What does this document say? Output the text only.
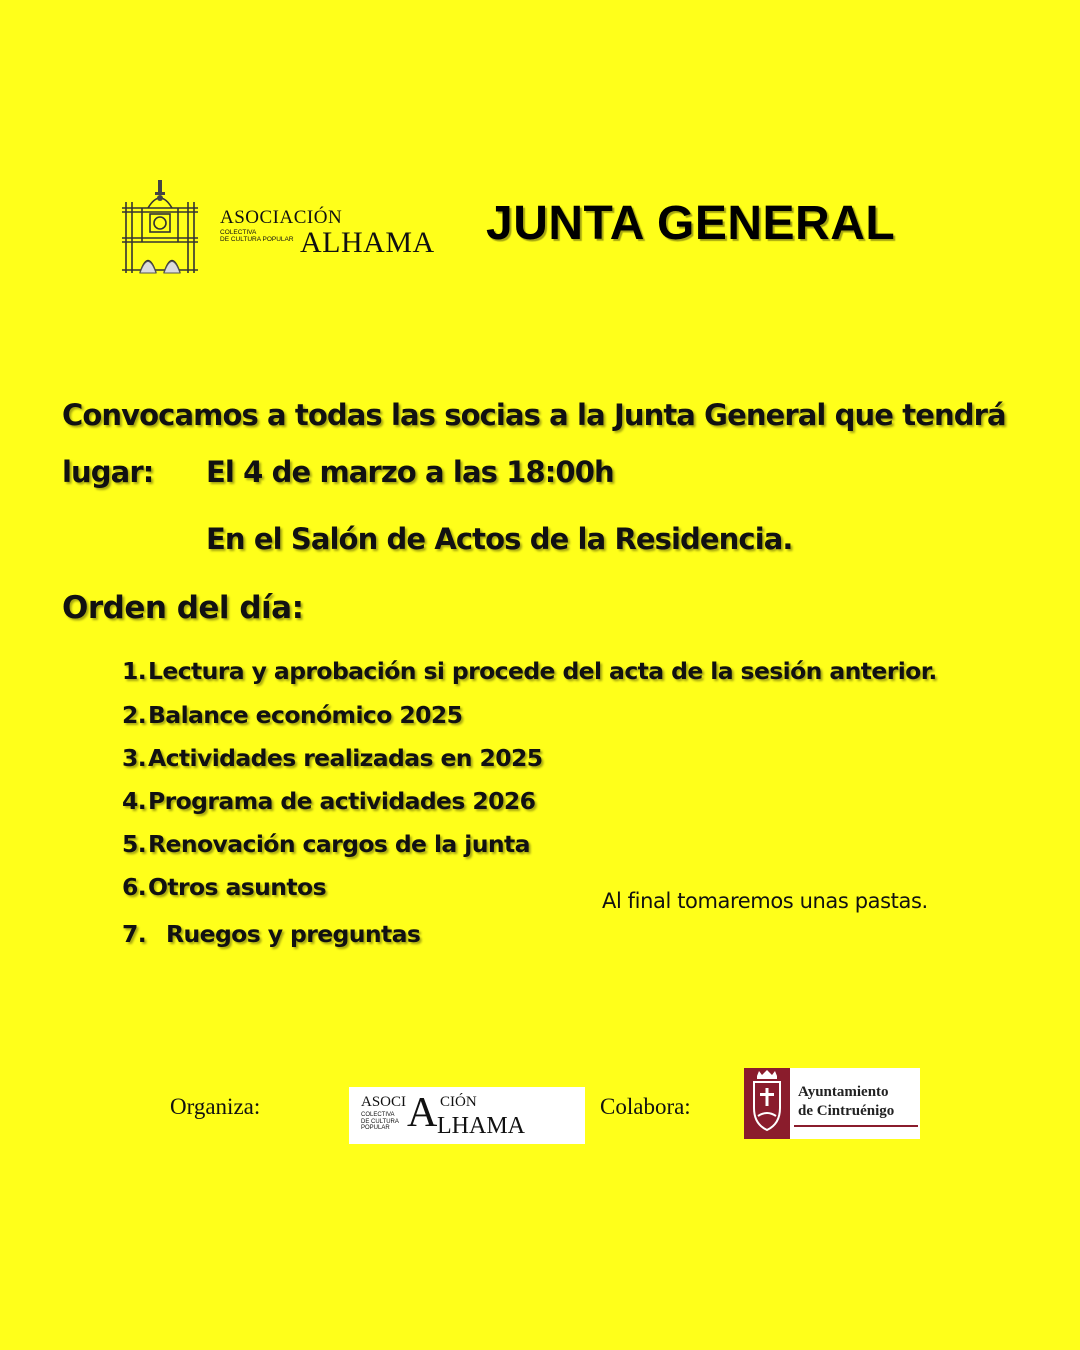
ASOCIACIÓN
COLECTIVA
DE CULTURA POPULAR ALHAMA JUNTA GENERAL
Convocamos a todas las socias a la Junta General que tendrá
lugar: El 4 de marzo a las 18:00h
En el Salón de Actos de la Residencia.
Orden del día:
1.Lectura y aprobación si procede del acta de la sesión anterior.
2.Balance económico 2025
3.Actividades realizadas en 2025
4.Programa de actividades 2026
5.Renovación cargos de la junta
6.Otros asuntos
7. Ruegos y preguntas
Al final tomaremos unas pastas.
Organiza:	ASOCI CIÓN
COLECTIVA
DE CULTURA
POPULAR A LHAMA
Colabora:
Ayuntamiento
de Cintruénigo
